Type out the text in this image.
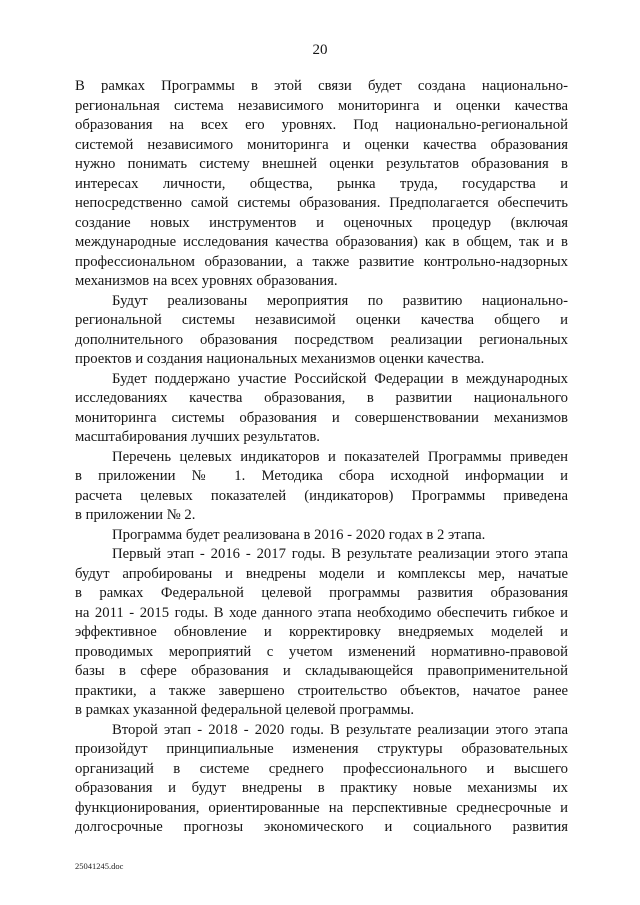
20
В рамках Программы в этой связи будет создана национально-
региональная система независимого мониторинга и оценки качества
образования на всех его уровнях. Под национально-региональной
системой независимого мониторинга и оценки качества образования
нужно понимать систему внешней оценки результатов образования в
интересах личности, общества, рынка труда, государства и
непосредственно самой системы образования. Предполагается обеспечить
создание новых инструментов и оценочных процедур (включая
международные исследования качества образования) как в общем, так и в
профессиональном образовании, а также развитие контрольно-надзорных
механизмов на всех уровнях образования.
Будут реализованы мероприятия по развитию национально-
региональной системы независимой оценки качества общего и
дополнительного образования посредством реализации региональных
проектов и создания национальных механизмов оценки качества.
Будет поддержано участие Российской Федерации в международных
исследованиях качества образования, в развитии национального
мониторинга системы образования и совершенствовании механизмов
масштабирования лучших результатов.
Перечень целевых индикаторов и показателей Программы приведен
в приложении № 1. Методика сбора исходной информации и
расчета целевых показателей (индикаторов) Программы приведена
в приложении № 2.
Программа будет реализована в 2016 - 2020 годах в 2 этапа.
Первый этап - 2016 - 2017 годы. В результате реализации этого этапа
будут апробированы и внедрены модели и комплексы мер, начатые
в рамках Федеральной целевой программы развития образования
на 2011 - 2015 годы. В ходе данного этапа необходимо обеспечить гибкое и
эффективное обновление и корректировку внедряемых моделей и
проводимых мероприятий с учетом изменений нормативно-правовой
базы в сфере образования и складывающейся правоприменительной
практики, а также завершено строительство объектов, начатое ранее
в рамках указанной федеральной целевой программы.
Второй этап - 2018 - 2020 годы. В результате реализации этого этапа
произойдут принципиальные изменения структуры образовательных
организаций в системе среднего профессионального и высшего
образования и будут внедрены в практику новые механизмы их
функционирования, ориентированные на перспективные среднесрочные и
долгосрочные прогнозы экономического и социального развития
25041245.doc
